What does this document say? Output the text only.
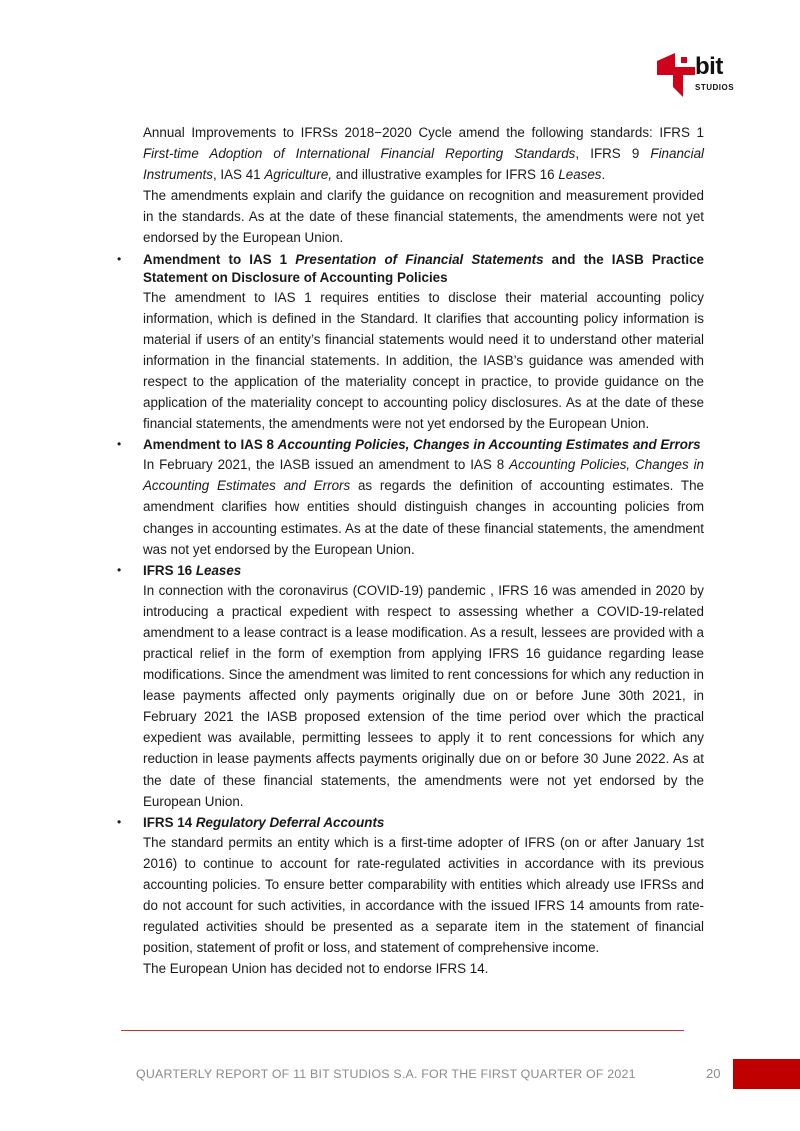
bit
STUDIOS

Annual Improvements to IFRSs 2018−2020 Cycle amend the following standards: IFRS 1 First-time Adoption of International Financial Reporting Standards, IFRS 9 Financial Instruments, IAS 41 Agriculture, and illustrative examples for IFRS 16 Leases.

The amendments explain and clarify the guidance on recognition and measurement provided in the standards. As at the date of these financial statements, the amendments were not yet endorsed by the European Union.

• Amendment to IAS 1 Presentation of Financial Statements and the IASB Practice Statement on Disclosure of Accounting Policies

The amendment to IAS 1 requires entities to disclose their material accounting policy information, which is defined in the Standard. It clarifies that accounting policy information is material if users of an entity’s financial statements would need it to understand other material information in the financial statements. In addition, the IASB’s guidance was amended with respect to the application of the materiality concept in practice, to provide guidance on the application of the materiality concept to accounting policy disclosures. As at the date of these financial statements, the amendments were not yet endorsed by the European Union.

• Amendment to IAS 8 Accounting Policies, Changes in Accounting Estimates and Errors

In February 2021, the IASB issued an amendment to IAS 8 Accounting Policies, Changes in Accounting Estimates and Errors as regards the definition of accounting estimates. The amendment clarifies how entities should distinguish changes in accounting policies from changes in accounting estimates. As at the date of these financial statements, the amendment was not yet endorsed by the European Union.

• IFRS 16 Leases

In connection with the coronavirus (COVID-19) pandemic , IFRS 16 was amended in 2020 by introducing a practical expedient with respect to assessing whether a COVID-19-related amendment to a lease contract is a lease modification. As a result, lessees are provided with a practical relief in the form of exemption from applying IFRS 16 guidance regarding lease modifications. Since the amendment was limited to rent concessions for which any reduction in lease payments affected only payments originally due on or before June 30th 2021, in February 2021 the IASB proposed extension of the time period over which the practical expedient was available, permitting lessees to apply it to rent concessions for which any reduction in lease payments affects payments originally due on or before 30 June 2022. As at the date of these financial statements, the amendments were not yet endorsed by the European Union.

• IFRS 14 Regulatory Deferral Accounts

The standard permits an entity which is a first-time adopter of IFRS (on or after January 1st 2016) to continue to account for rate-regulated activities in accordance with its previous accounting policies. To ensure better comparability with entities which already use IFRSs and do not account for such activities, in accordance with the issued IFRS 14 amounts from rate-regulated activities should be presented as a separate item in the statement of financial position, statement of profit or loss, and statement of comprehensive income.

The European Union has decided not to endorse IFRS 14.

QUARTERLY REPORT OF 11 BIT STUDIOS S.A. FOR THE FIRST QUARTER OF 2021	20
